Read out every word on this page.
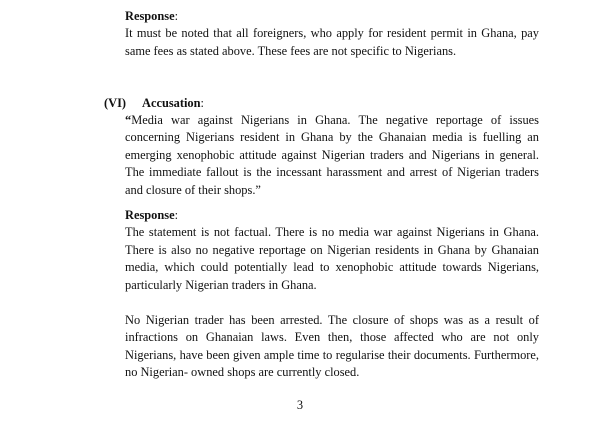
Response:

It must be noted that all foreigners, who apply for resident permit in Ghana, pay same fees as stated above. These fees are not specific to Nigerians.

(VI) Accusation:

“Media war against Nigerians in Ghana. The negative reportage of issues concerning Nigerians resident in Ghana by the Ghanaian media is fuelling an emerging xenophobic attitude against Nigerian traders and Nigerians in general. The immediate fallout is the incessant harassment and arrest of Nigerian traders and closure of their shops.”

Response:

The statement is not factual. There is no media war against Nigerians in Ghana. There is also no negative reportage on Nigerian residents in Ghana by Ghanaian media, which could potentially lead to xenophobic attitude towards Nigerians, particularly Nigerian traders in Ghana.

No Nigerian trader has been arrested. The closure of shops was as a result of infractions on Ghanaian laws. Even then, those affected who are not only Nigerians, have been given ample time to regularise their documents. Furthermore, no Nigerian- owned shops are currently closed.

3
